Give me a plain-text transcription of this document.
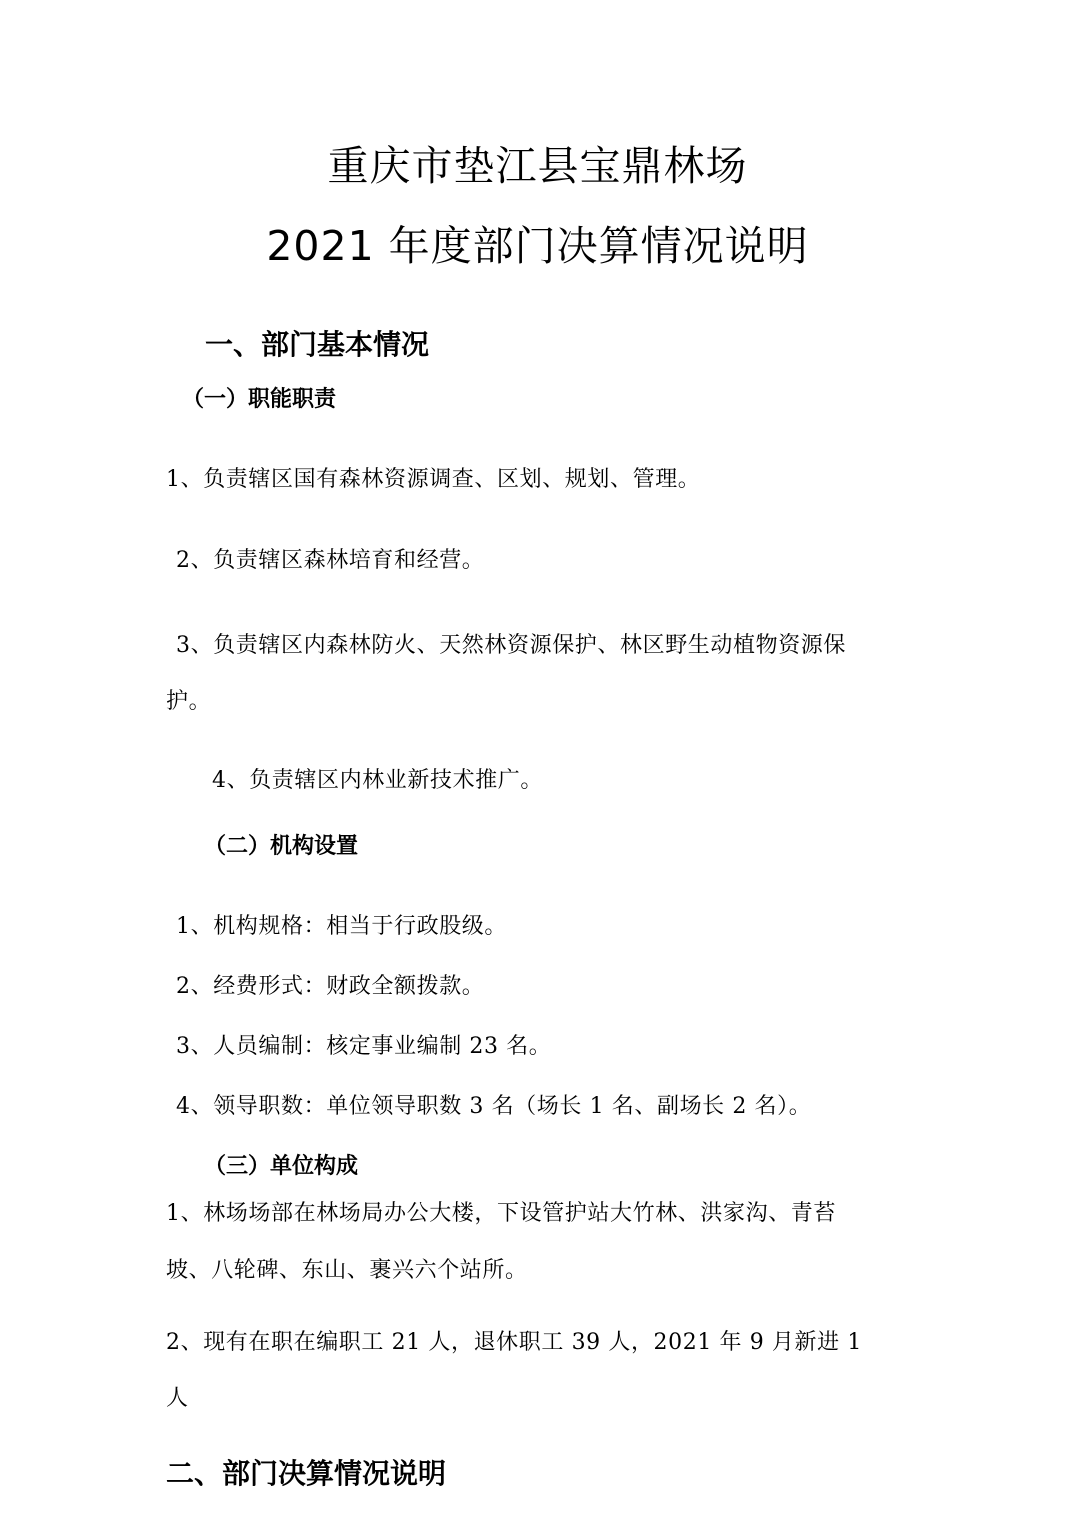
重庆市垫江县宝鼎林场
2021 年度部门决算情况说明
一、部门基本情况
（一）职能职责
1、负责辖区国有森林资源调查、区划、规划、管理。
2、负责辖区森林培育和经营。
3、负责辖区内森林防火、天然林资源保护、林区野生动植物资源保
护。
4、负责辖区内林业新技术推广。
（二）机构设置
1、机构规格：相当于行政股级。
2、经费形式：财政全额拨款。
3、人员编制：核定事业编制 23 名。
4、领导职数：单位领导职数 3 名（场长 1 名、副场长 2 名）。
（三）单位构成
1、林场场部在林场局办公大楼，下设管护站大竹林、洪家沟、青苔
坡、八轮碑、东山、裹兴六个站所。
2、现有在职在编职工 21 人，退休职工 39 人，2021 年 9 月新进 1
人
二、部门决算情况说明
